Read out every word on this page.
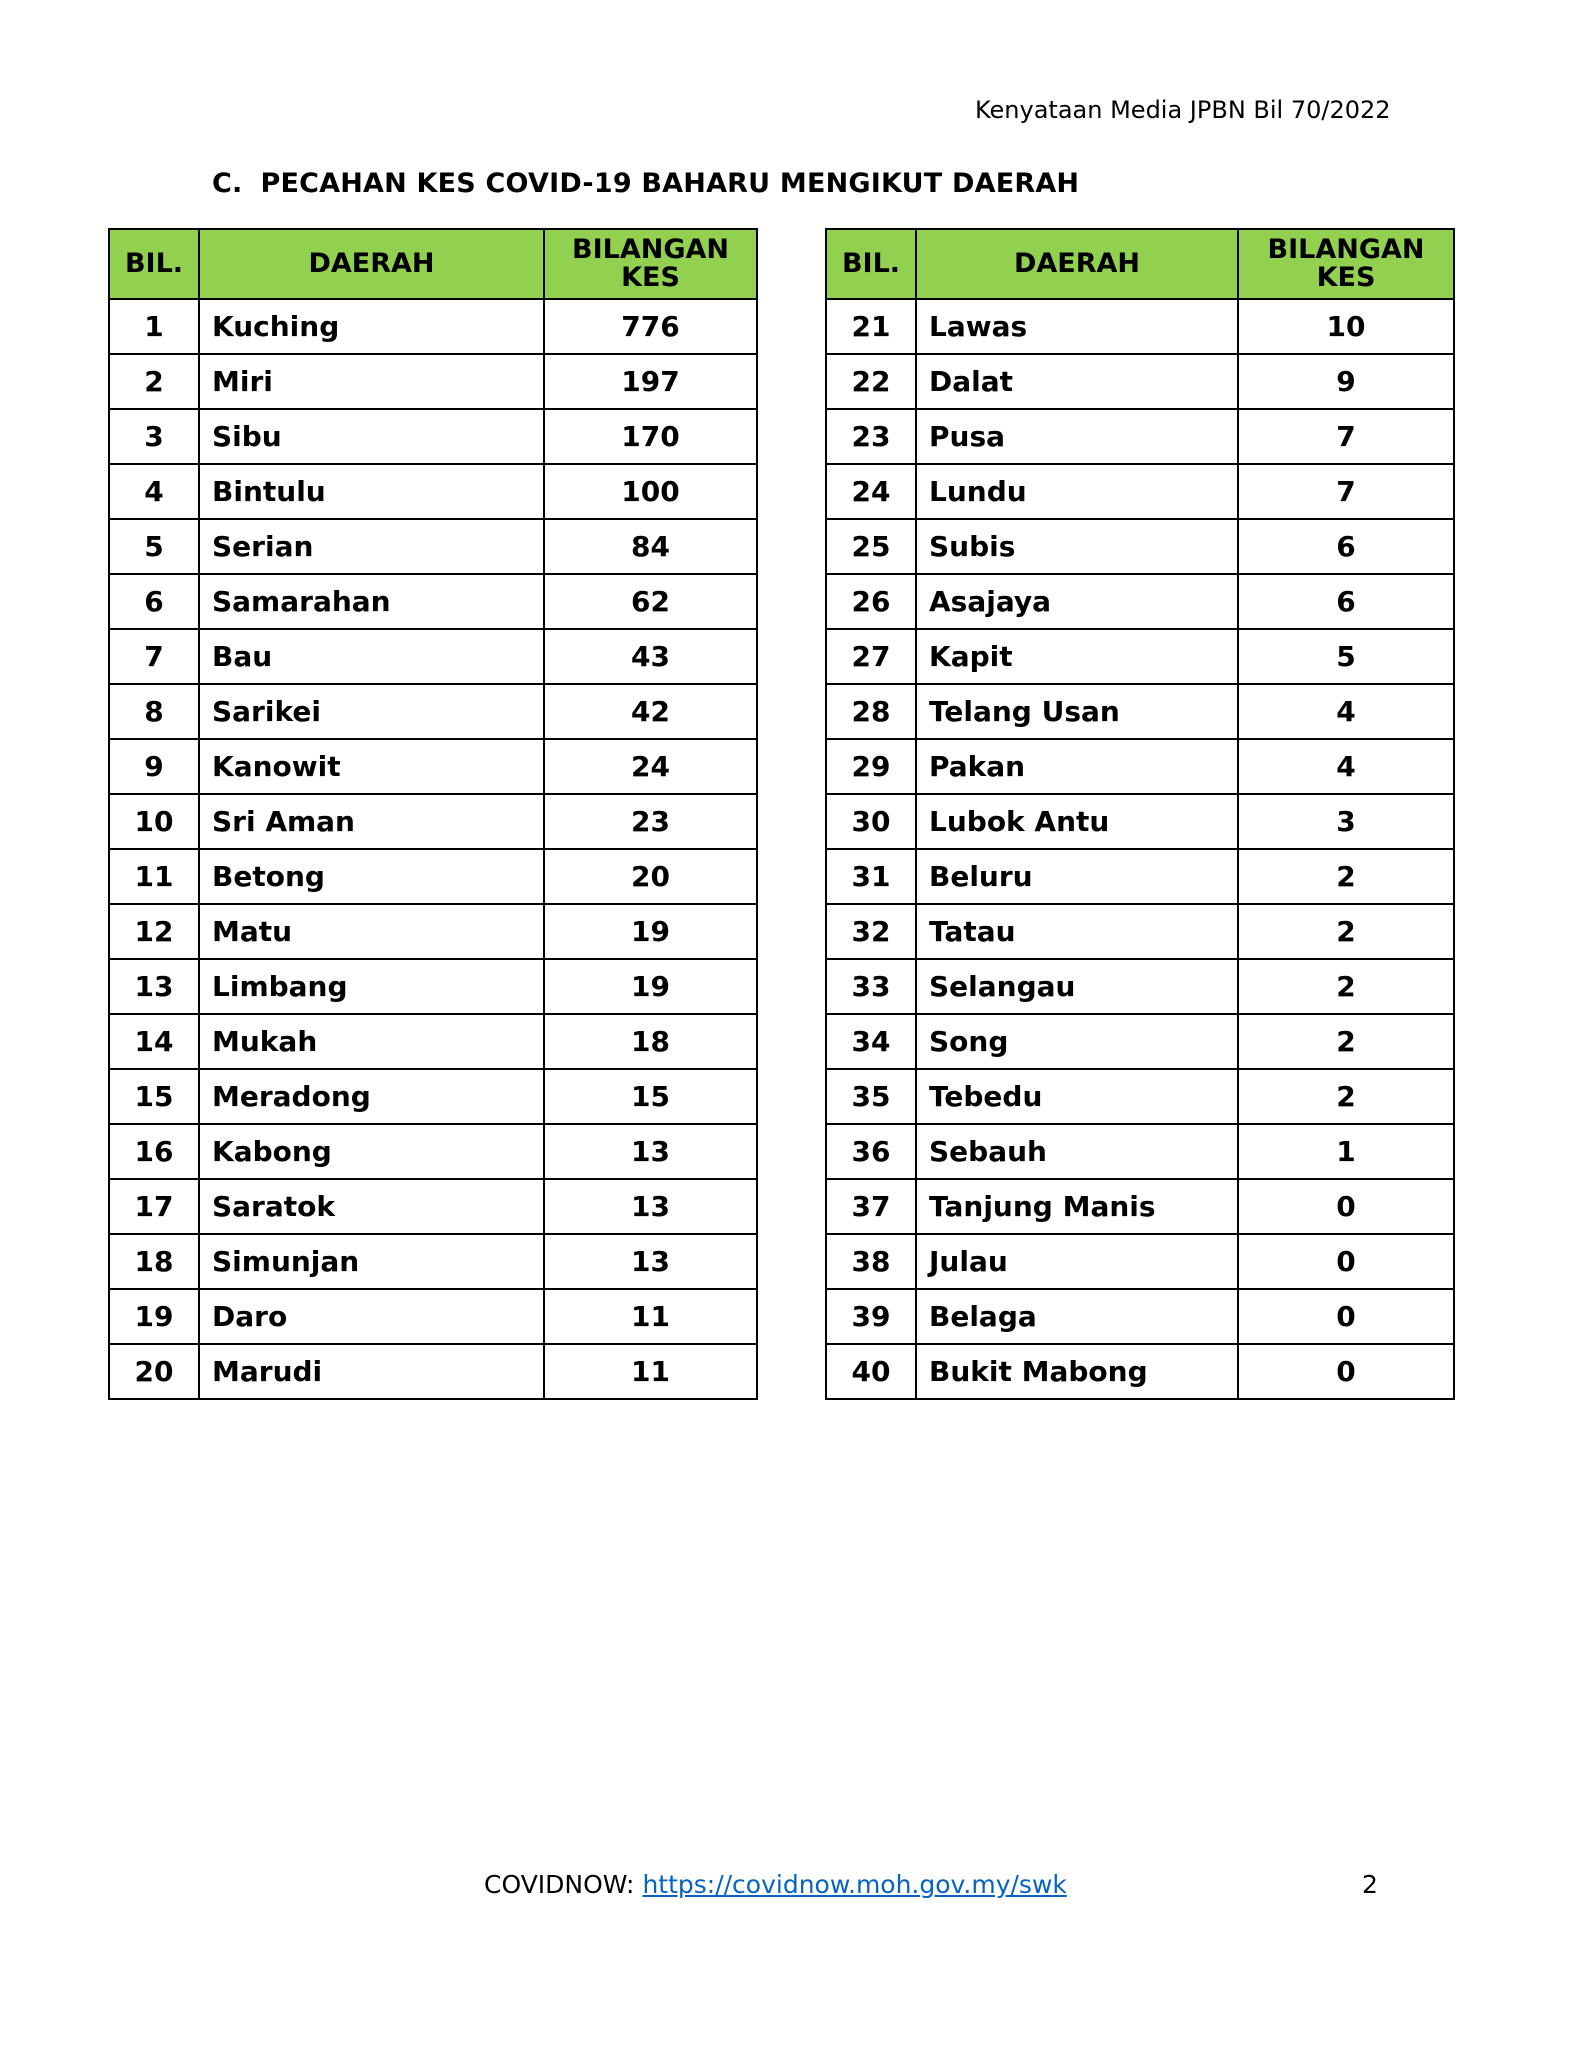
Kenyataan Media JPBN Bil 70/2022
C. PECAHAN KES COVID-19 BAHARU MENGIKUT DAERAH
BIL.	DAERAH	BILANGAN
KES
1	Kuching	776
2	Miri	197
3	Sibu	170
4	Bintulu	100
5	Serian	84
6	Samarahan	62
7	Bau	43
8	Sarikei	42
9	Kanowit	24
10	Sri Aman	23
11	Betong	20
12	Matu	19
13	Limbang	19
14	Mukah	18
15	Meradong	15
16	Kabong	13
17	Saratok	13
18	Simunjan	13
19	Daro	11
20	Marudi	11
BIL.	DAERAH	BILANGAN
KES
21	Lawas	10
22	Dalat	9
23	Pusa	7
24	Lundu	7
25	Subis	6
26	Asajaya	6
27	Kapit	5
28	Telang Usan	4
29	Pakan	4
30	Lubok Antu	3
31	Beluru	2
32	Tatau	2
33	Selangau	2
34	Song	2
35	Tebedu	2
36	Sebauh	1
37	Tanjung Manis	0
38	Julau	0
39	Belaga	0
40	Bukit Mabong	0
COVIDNOW: https://covidnow.moh.gov.my/swk	2
